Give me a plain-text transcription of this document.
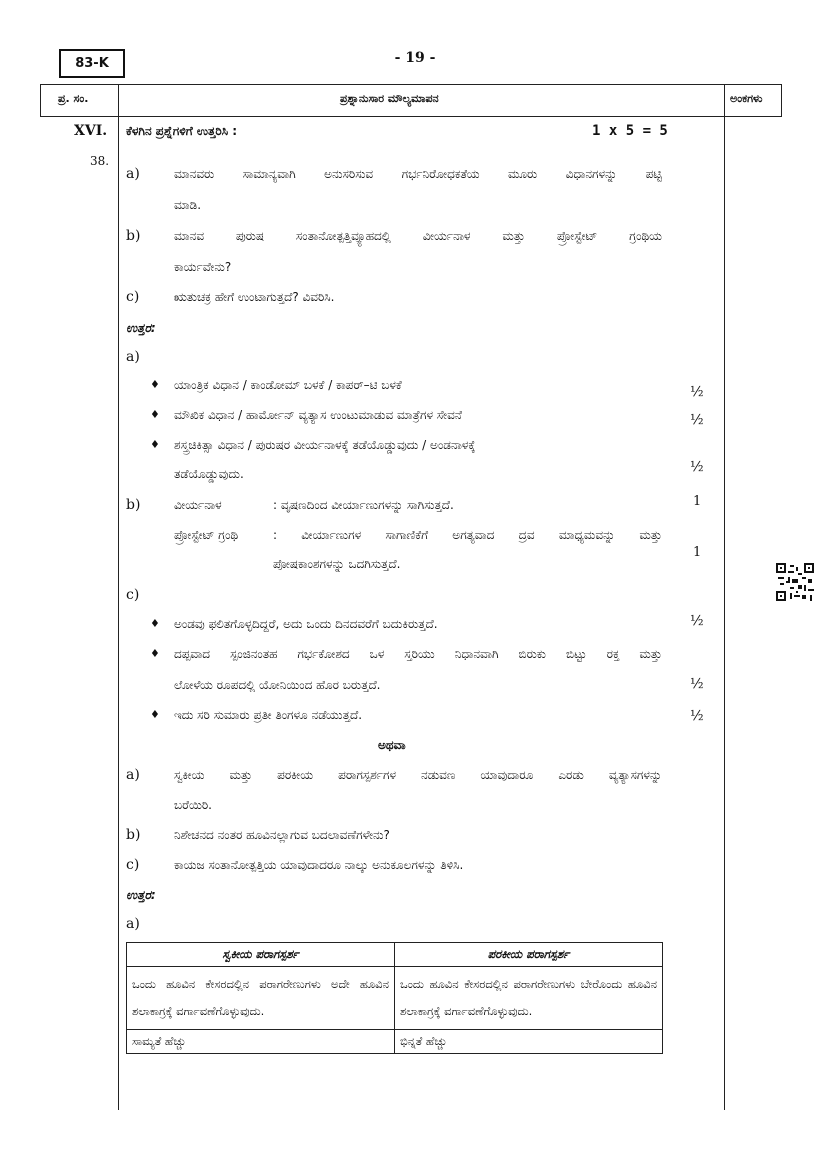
83-K	- 19 -
ಪ್ರ. ಸಂ.	ಪ್ರಶ್ನಾನುಸಾರ ಮೌಲ್ಯಮಾಪನ	ಅಂಕಗಳು
XVI. ಕೆಳಗಿನ ಪ್ರಶ್ನೆಗಳಿಗೆ ಉತ್ತರಿಸಿ :	1 x 5 = 5
38.
a)	ಮಾನವರು ಸಾಮಾನ್ಯವಾಗಿ ಅನುಸರಿಸುವ ಗರ್ಭನಿರೋಧಕತೆಯ ಮೂರು ವಿಧಾನಗಳನ್ನು ಪಟ್ಟಿ
ಮಾಡಿ.
b)	ಮಾನವ ಪುರುಷ ಸಂತಾನೋತ್ಪತ್ತಿವ್ಯೂಹದಲ್ಲಿ ವೀರ್ಯನಾಳ ಮತ್ತು ಪ್ರೋಸ್ಟೇಟ್ ಗ್ರಂಥಿಯ
ಕಾರ್ಯವೇನು?
c)	ಋತುಚಕ್ರ ಹೇಗೆ ಉಂಟಾಗುತ್ತದೆ? ವಿವರಿಸಿ.
ಉತ್ತರ:
a)
♦ ಯಾಂತ್ರಿಕ ವಿಧಾನ / ಕಾಂಡೋಮ್ ಬಳಕೆ / ಕಾಪರ್–ಟಿ ಬಳಕೆ	½
♦ ಮೌಖಿಕ ವಿಧಾನ / ಹಾರ್ಮೋನ್ ವ್ಯತ್ಯಾಸ ಉಂಟುಮಾಡುವ ಮಾತ್ರೆಗಳ ಸೇವನೆ	½
♦ ಶಸ್ತ್ರಚಿಕಿತ್ಸಾ ವಿಧಾನ / ಪುರುಷರ ವೀರ್ಯನಾಳಕ್ಕೆ ತಡೆಯೊಡ್ಡುವುದು / ಅಂಡನಾಳಕ್ಕೆ
ತಡೆಯೊಡ್ಡುವುದು.	½
b)	ವೀರ್ಯನಾಳ	: ವೃಷಣದಿಂದ ವೀರ್ಯಾಣುಗಳನ್ನು ಸಾಗಿಸುತ್ತದೆ.	1
ಪ್ರೋಸ್ಟೇಟ್ ಗ್ರಂಥಿ	: ವೀರ್ಯಾಣುಗಳ ಸಾಗಾಣಿಕೆಗೆ ಅಗತ್ಯವಾದ ದ್ರವ ಮಾಧ್ಯಮವನ್ನು ಮತ್ತು
ಪೋಷಕಾಂಶಗಳನ್ನು ಒದಗಿಸುತ್ತದೆ.
1
c)
♦ ಅಂಡವು ಫಲಿತಗೊಳ್ಳದಿದ್ದರೆ, ಅದು ಒಂದು ದಿನದವರೆಗೆ ಬದುಕಿರುತ್ತದೆ.	½
♦ ದಪ್ಪವಾದ ಸ್ಪಂಜಿನಂತಹ ಗರ್ಭಕೋಶದ ಒಳ ಸ್ತರಿಯು ನಿಧಾನವಾಗಿ ಬಿರುಕು ಬಿಟ್ಟು ರಕ್ತ ಮತ್ತು
ಲೋಳೆಯ ರೂಪದಲ್ಲಿ ಯೋನಿಯಿಂದ ಹೊರ ಬರುತ್ತದೆ.	½
♦ ಇದು ಸರಿ ಸುಮಾರು ಪ್ರತೀ ತಿಂಗಳೂ ನಡೆಯುತ್ತದೆ.	½
ಅಥವಾ
a)	ಸ್ವಕೀಯ ಮತ್ತು ಪರಕೀಯ ಪರಾಗಸ್ಪರ್ಶಗಳ ನಡುವಣ ಯಾವುದಾರೂ ಎರಡು ವ್ಯತ್ಯಾಸಗಳನ್ನು
ಬರೆಯಿರಿ.
b)	ನಿಶೇಚನದ ನಂತರ ಹೂವಿನಲ್ಲಾಗುವ ಬದಲಾವಣೆಗಳೇನು?
c)	ಕಾಯಜ ಸಂತಾನೋತ್ಪತ್ತಿಯ ಯಾವುದಾದರೂ ನಾಲ್ಕು ಅನುಕೂಲಗಳನ್ನು ತಿಳಿಸಿ.
ಉತ್ತರ:
a)
ಸ್ವಕೀಯ ಪರಾಗಸ್ಪರ್ಶ	ಪರಕೀಯ ಪರಾಗಸ್ಪರ್ಶ
ಒಂದು ಹೂವಿನ ಕೇಸರದಲ್ಲಿನ ಪರಾಗರೇಣುಗಳು ಅದೇ ಹೂವಿನ ಶಲಾಕಾಗ್ರಕ್ಕೆ ವರ್ಗಾವಣೆಗೊಳ್ಳುವುದು.	ಒಂದು ಹೂವಿನ ಕೇಸರದಲ್ಲಿನ ಪರಾಗರೇಣುಗಳು ಬೇರೊಂದು ಹೂವಿನ ಶಲಾಕಾಗ್ರಕ್ಕೆ ವರ್ಗಾವಣೆಗೊಳ್ಳುವುದು.
ಸಾಮ್ಯತೆ ಹೆಚ್ಚು	ಭಿನ್ನತೆ ಹೆಚ್ಚು
